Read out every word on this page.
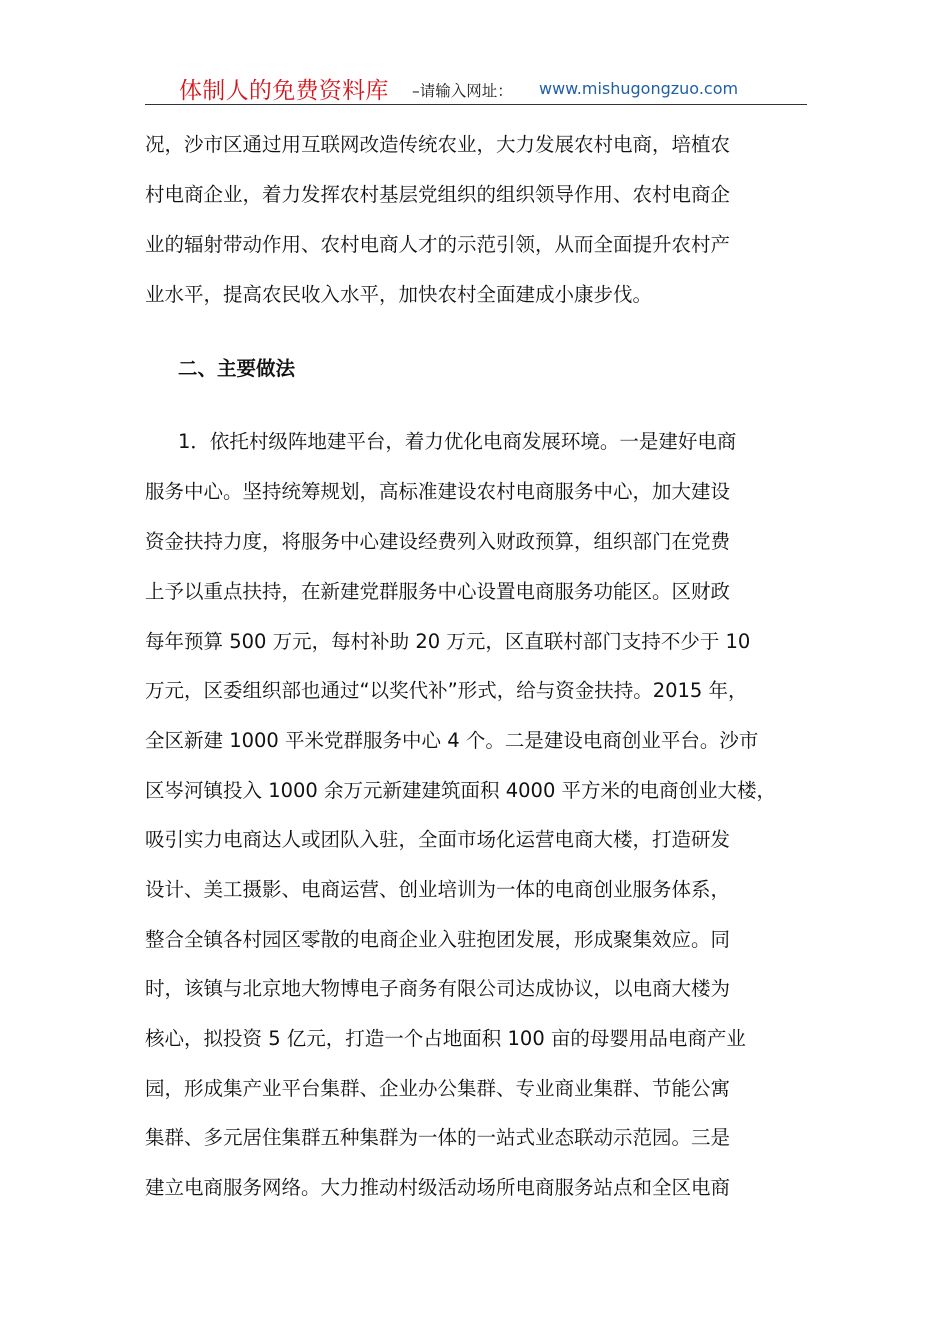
体制人的免费资料库 –请输入网址： www.mishugongzuo.com
况，沙市区通过用互联网改造传统农业，大力发展农村电商，培植农
村电商企业，着力发挥农村基层党组织的组织领导作用、农村电商企
业的辐射带动作用、农村电商人才的示范引领，从而全面提升农村产
业水平，提高农民收入水平，加快农村全面建成小康步伐。
二、主要做法
1．依托村级阵地建平台，着力优化电商发展环境。一是建好电商
服务中心。坚持统筹规划，高标准建设农村电商服务中心，加大建设
资金扶持力度，将服务中心建设经费列入财政预算，组织部门在党费
上予以重点扶持，在新建党群服务中心设置电商服务功能区。区财政
每年预算 500 万元，每村补助 20 万元，区直联村部门支持不少于 10
万元，区委组织部也通过“以奖代补”形式，给与资金扶持。2015 年，
全区新建 1000 平米党群服务中心 4 个。二是建设电商创业平台。沙市
区岑河镇投入 1000 余万元新建建筑面积 4000 平方米的电商创业大楼，
吸引实力电商达人或团队入驻，全面市场化运营电商大楼，打造研发
设计、美工摄影、电商运营、创业培训为一体的电商创业服务体系，
整合全镇各村园区零散的电商企业入驻抱团发展，形成聚集效应。同
时，该镇与北京地大物博电子商务有限公司达成协议，以电商大楼为
核心，拟投资 5 亿元，打造一个占地面积 100 亩的母婴用品电商产业
园，形成集产业平台集群、企业办公集群、专业商业集群、节能公寓
集群、多元居住集群五种集群为一体的一站式业态联动示范园。三是
建立电商服务网络。大力推动村级活动场所电商服务站点和全区电商
